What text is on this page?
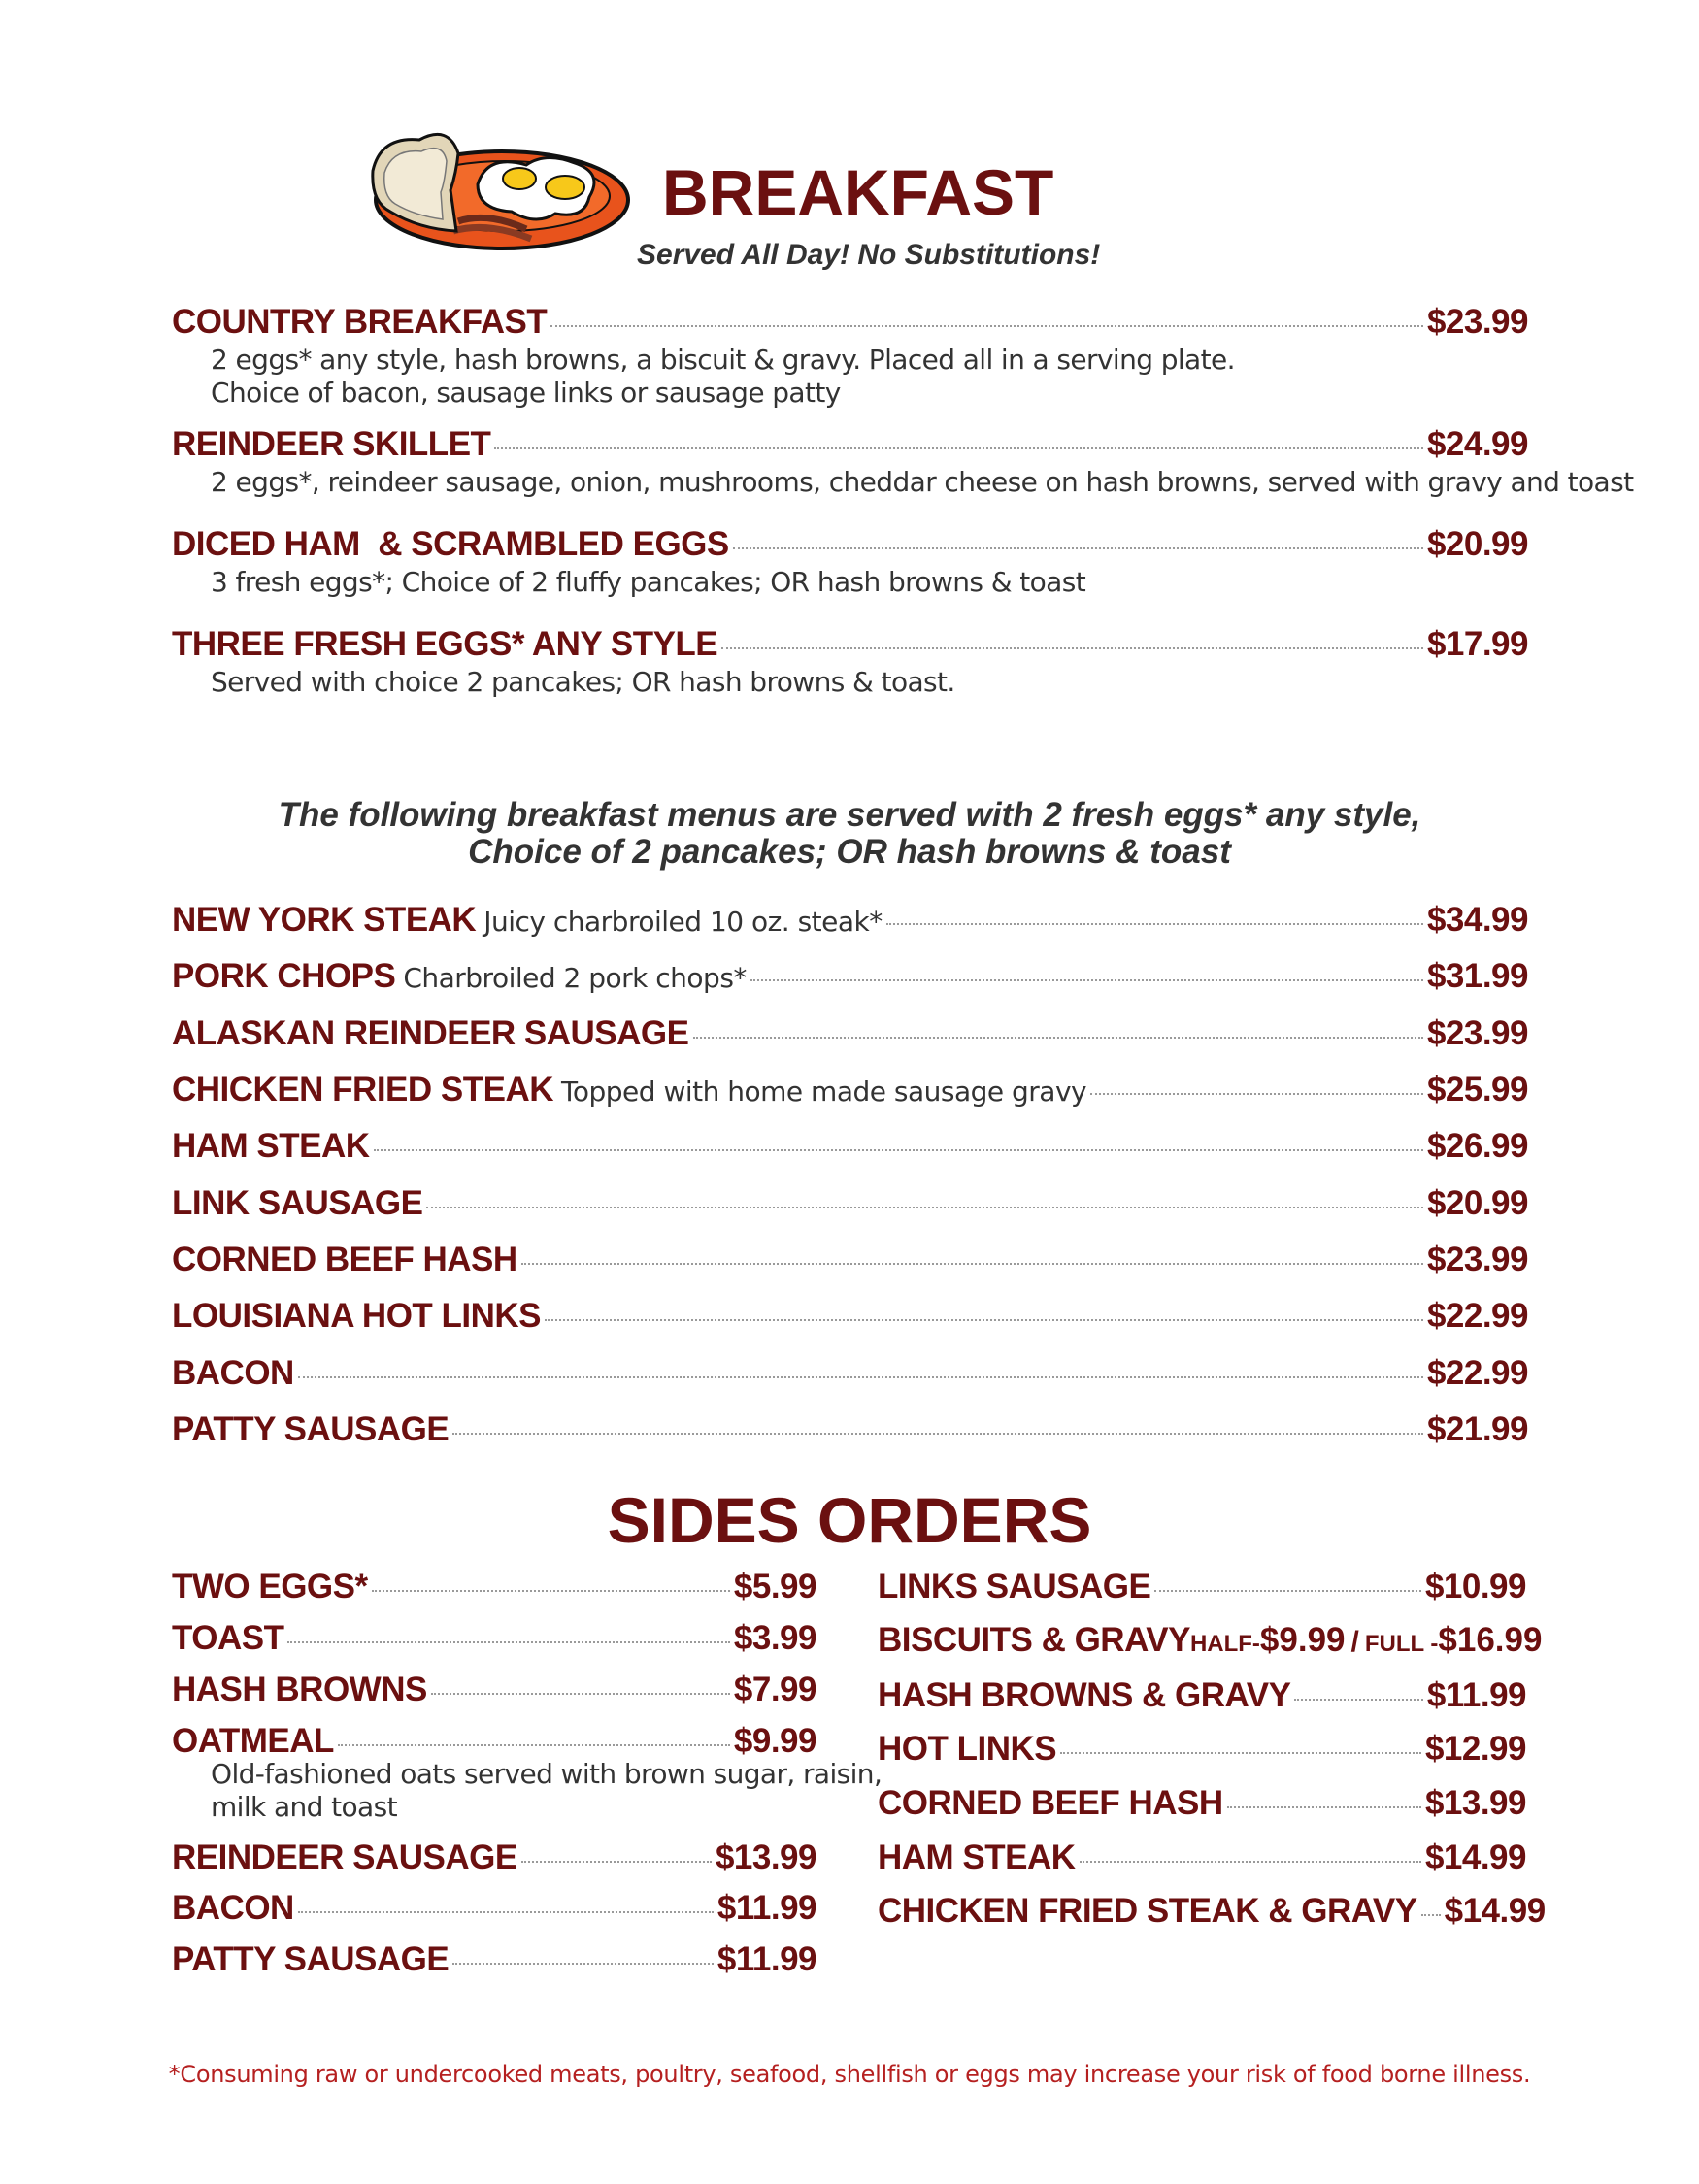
BREAKFAST
Served All Day! No Substitutions!
COUNTRY BREAKFAST	$23.99
2 eggs* any style, hash browns, a biscuit & gravy. Placed all in a serving plate.
Choice of bacon, sausage links or sausage patty
REINDEER SKILLET	$24.99
2 eggs*, reindeer sausage, onion, mushrooms, cheddar cheese on hash browns, served with gravy and toast
DICED HAM  & SCRAMBLED EGGS	$20.99
3 fresh eggs*; Choice of 2 fluffy pancakes; OR hash browns & toast
THREE FRESH EGGS* ANY STYLE	$17.99
Served with choice 2 pancakes; OR hash browns & toast.
The following breakfast menus are served with 2 fresh eggs* any style,
Choice of 2 pancakes; OR hash browns & toast
NEW YORK STEAK Juicy charbroiled 10 oz. steak*	$34.99
PORK CHOPS Charbroiled 2 pork chops*	$31.99
ALASKAN REINDEER SAUSAGE	$23.99
CHICKEN FRIED STEAK Topped with home made sausage gravy	$25.99
HAM STEAK	$26.99
LINK SAUSAGE	$20.99
CORNED BEEF HASH	$23.99
LOUISIANA HOT LINKS	$22.99
BACON	$22.99
PATTY SAUSAGE	$21.99
SIDES ORDERS
TWO EGGS*	$5.99
TOAST	$3.99
HASH BROWNS	$7.99
OATMEAL	$9.99
Old-fashioned oats served with brown sugar, raisin,
milk and toast
REINDEER SAUSAGE	$13.99
BACON	$11.99
PATTY SAUSAGE	$11.99
LINKS SAUSAGE	$10.99
BISCUITS & GRAVY HALF- $9.99 / FULL - $16.99
HASH BROWNS & GRAVY	$11.99
HOT LINKS	$12.99
CORNED BEEF HASH	$13.99
HAM STEAK	$14.99
CHICKEN FRIED STEAK & GRAVY $14.99
*Consuming raw or undercooked meats, poultry, seafood, shellfish or eggs may increase your risk of food borne illness.
